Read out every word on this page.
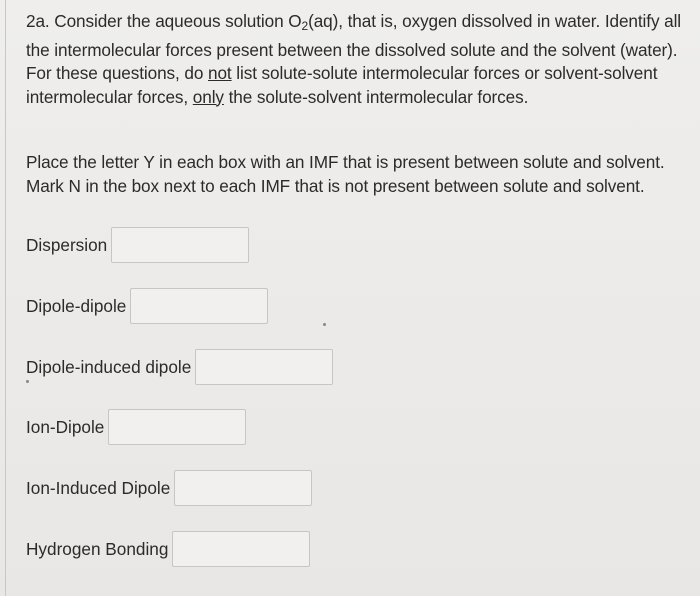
2a. Consider the aqueous solution $O_2(aq)$, that is, oxygen dissolved in water. Identify all
the intermolecular forces present between the dissolved solute and the solvent (water).
For these questions, do not list solute-solute intermolecular forces or solvent-solvent
intermolecular forces, only the solute-solvent intermolecular forces.
Place the letter Y in each box with an IMF that is present between solute and solvent.
Mark N in the box next to each IMF that is not present between solute and solvent.
Dispersion
Dipole-dipole
Dipole-induced dipole
Ion-Dipole
Ion-Induced Dipole
Hydrogen Bonding
